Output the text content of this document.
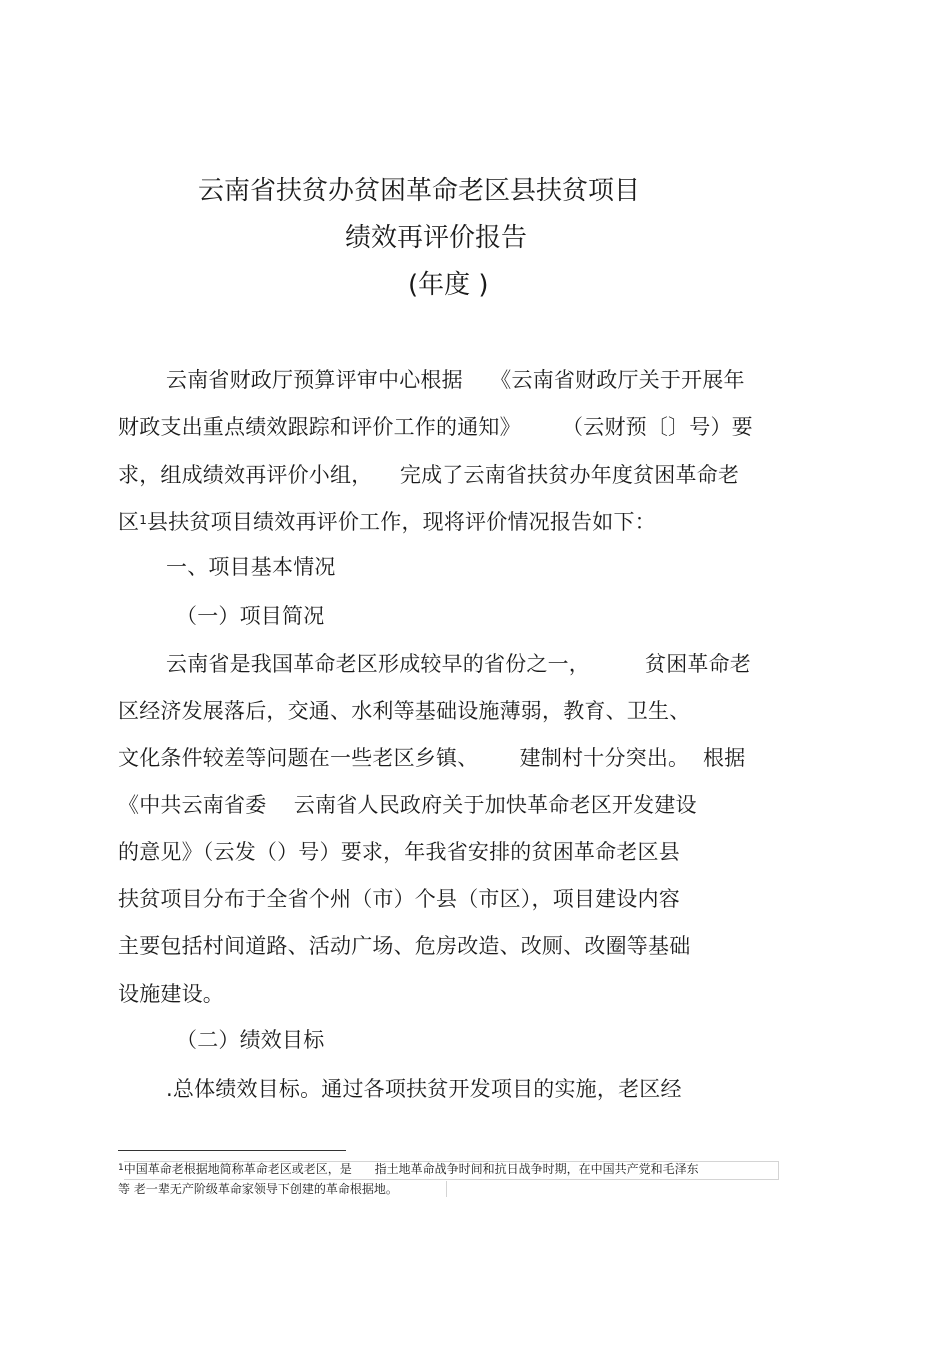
云南省扶贫办贫困革命老区县扶贫项目
绩效再评价报告
(年度 )
云南省财政厅预算评审中心根据    《云南省财政厅关于开展年
财政支出重点绩效跟踪和评价工作的通知》      （云财预〔〕号）要
求，组成绩效再评价小组，    完成了云南省扶贫办年度贫困革命老
区$^1$县扶贫项目绩效再评价工作，现将评价情况报告如下：
一、项目基本情况
（一）项目简况
云南省是我国革命老区形成较早的省份之一，        贫困革命老
区经济发展落后，交通、水利等基础设施薄弱，教育、卫生、
文化条件较差等问题在一些老区乡镇、      建制村十分突出。  根据
《中共云南省委    云南省人民政府关于加快革命老区开发建设
的意见》（云发（）号）要求，年我省安排的贫困革命老区县
扶贫项目分布于全省个州（市）个县（市区），项目建设内容
主要包括村间道路、活动广场、危房改造、改厕、改圈等基础
设施建设。
（二）绩效目标
.总体绩效目标。通过各项扶贫开发项目的实施，老区经
$^1$中国革命老根据地简称革命老区或老区，是      指土地革命战争时间和抗日战争时期，在中国共产党和毛泽东
等 老一辈无产阶级革命家领导下创建的革命根据地。
